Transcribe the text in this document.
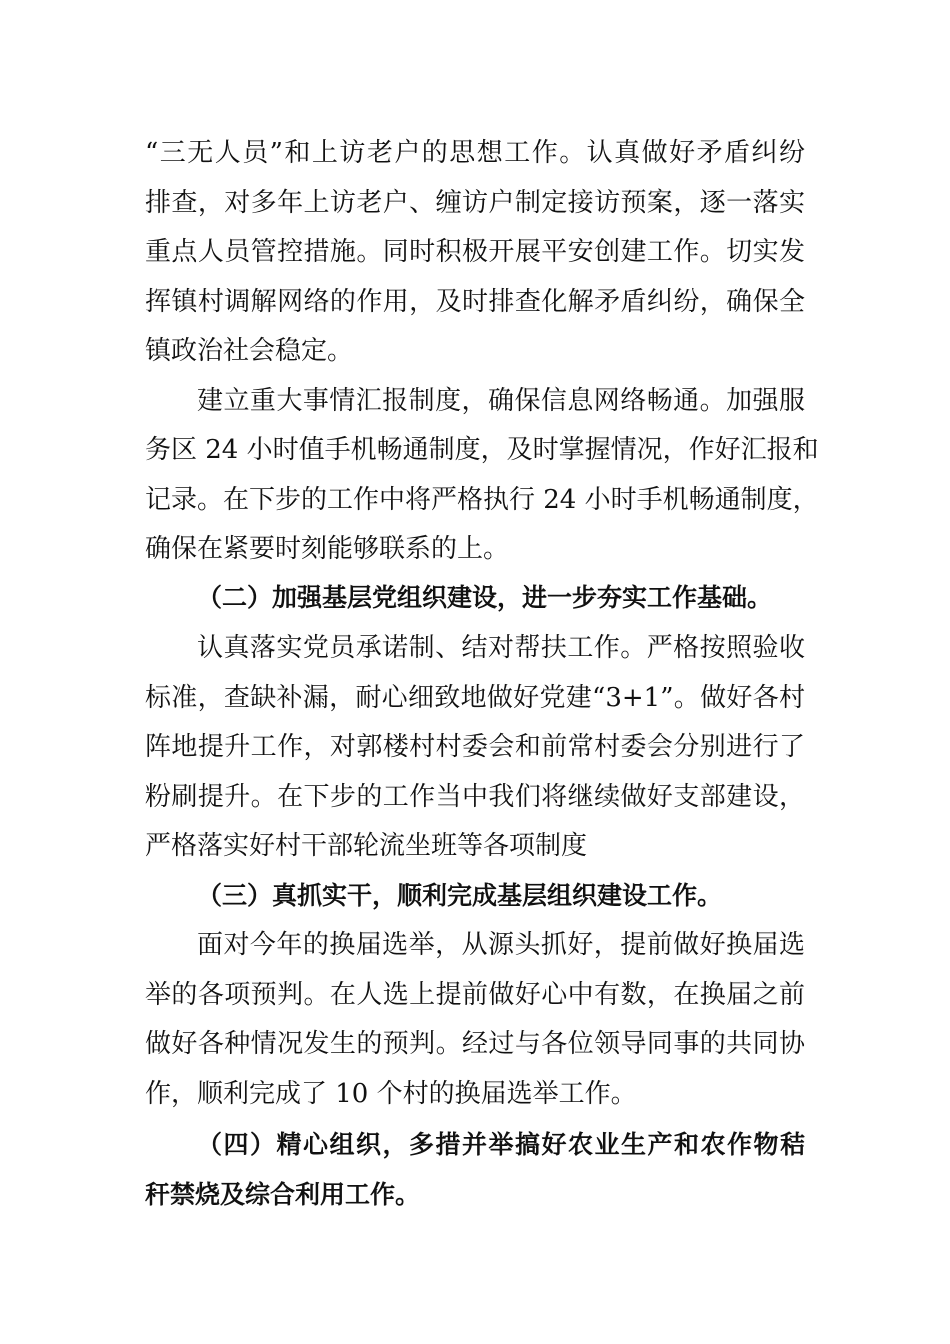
“三无人员”和上访老户的思想工作。认真做好矛盾纠纷
排查，对多年上访老户、缠访户制定接访预案，逐一落实
重点人员管控措施。同时积极开展平安创建工作。切实发
挥镇村调解网络的作用，及时排查化解矛盾纠纷，确保全
镇政治社会稳定。
建立重大事情汇报制度，确保信息网络畅通。加强服
务区 24 小时值手机畅通制度，及时掌握情况，作好汇报和
记录。在下步的工作中将严格执行 24 小时手机畅通制度，
确保在紧要时刻能够联系的上。
（二）加强基层党组织建设，进一步夯实工作基础。
认真落实党员承诺制、结对帮扶工作。严格按照验收
标准，查缺补漏，耐心细致地做好党建“3+1”。做好各村
阵地提升工作，对郭楼村村委会和前常村委会分别进行了
粉刷提升。在下步的工作当中我们将继续做好支部建设，
严格落实好村干部轮流坐班等各项制度
（三）真抓实干，顺利完成基层组织建设工作。
面对今年的换届选举，从源头抓好，提前做好换届选
举的各项预判。在人选上提前做好心中有数，在换届之前
做好各种情况发生的预判。经过与各位领导同事的共同协
作，顺利完成了 10 个村的换届选举工作。
（四）精心组织，多措并举搞好农业生产和农作物秸
秆禁烧及综合利用工作。
